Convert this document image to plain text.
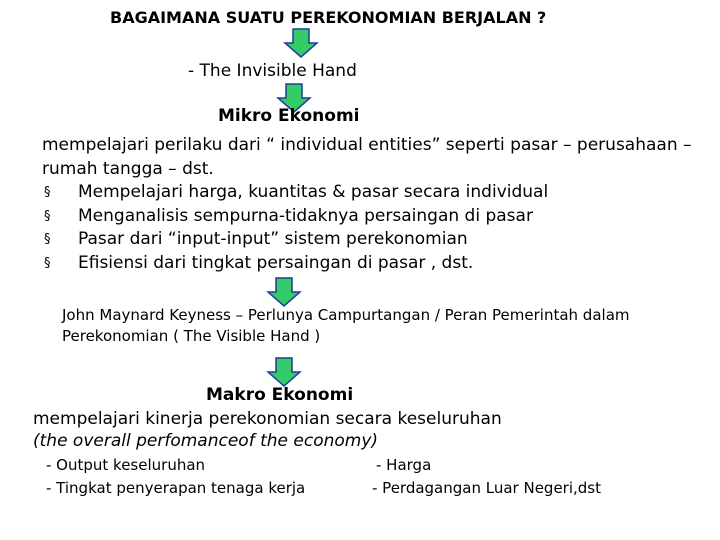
BAGAIMANA SUATU PEREKONOMIAN BERJALAN ?
- The Invisible Hand
Mikro Ekonomi
mempelajari perilaku dari “ individual entities” seperti pasar – perusahaan – rumah tangga – dst.
§ Mempelajari harga, kuantitas & pasar secara individual
§ Menganalisis sempurna-tidaknya persaingan di pasar
§ Pasar dari “input-input” sistem perekonomian
§ Efisiensi dari tingkat persaingan di pasar , dst.
John Maynard Keyness – Perlunya Campurtangan / Peran Pemerintah dalam Perekonomian ( The Visible Hand )
Makro Ekonomi
mempelajari kinerja perekonomian secara keseluruhan
(the overall perfomanceof the economy)
- Output keseluruhan
- Tingkat penyerapan tenaga kerja
- Harga
- Perdagangan Luar Negeri,dst
